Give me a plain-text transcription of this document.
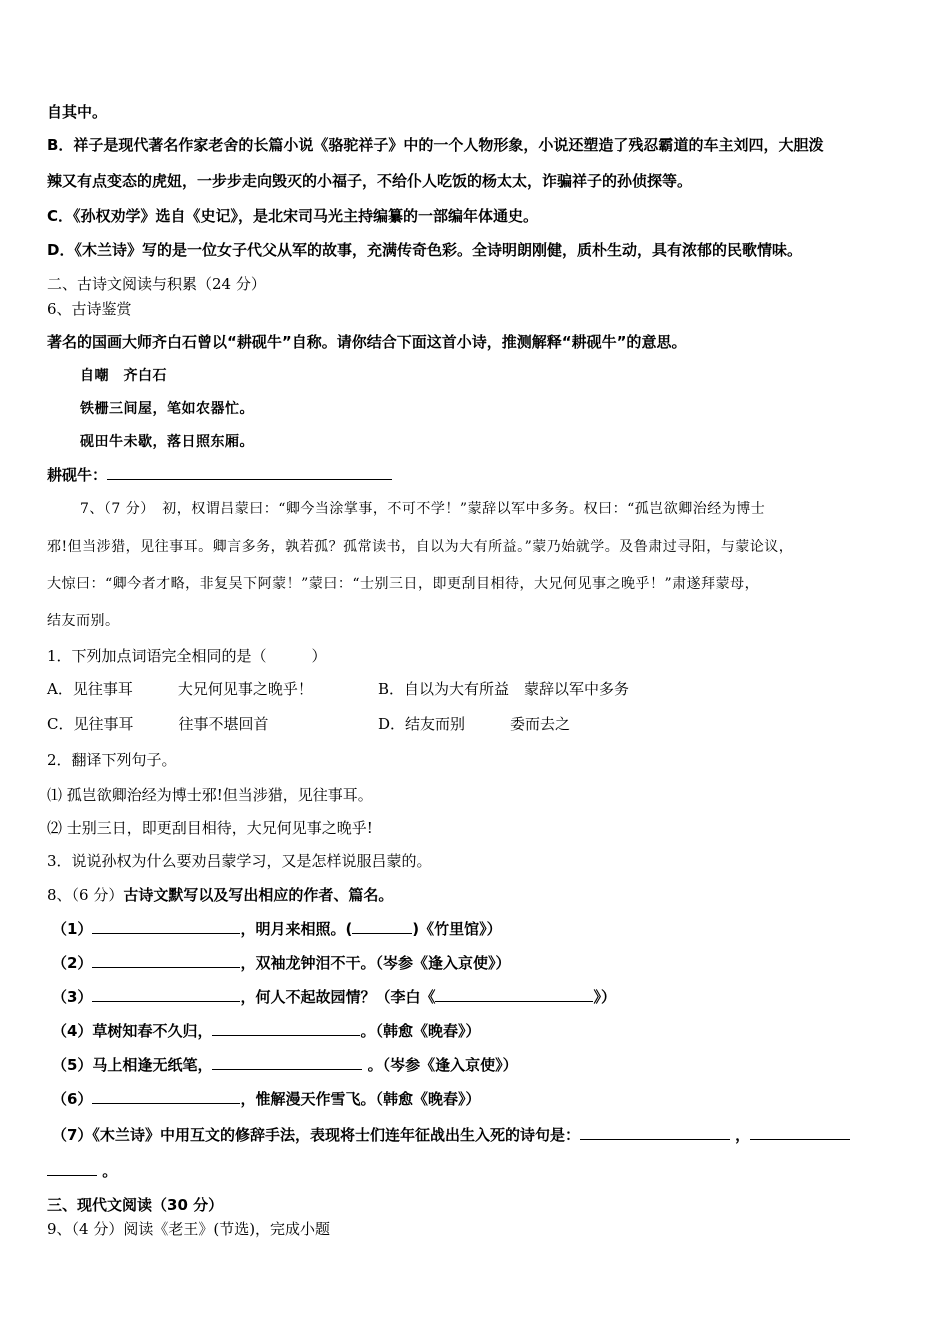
自其中。
B．祥子是现代著名作家老舍的长篇小说《骆驼祥子》中的一个人物形象，小说还塑造了残忍霸道的车主刘四，大胆泼
辣又有点变态的虎妞，一步步走向毁灭的小福子，不给仆人吃饭的杨太太，诈骗祥子的孙侦探等。
C．《孙权劝学》选自《史记》，是北宋司马光主持编纂的一部编年体通史。
D．《木兰诗》写的是一位女子代父从军的故事，充满传奇色彩。全诗明朗刚健，质朴生动，具有浓郁的民歌情味。
二、古诗文阅读与积累（24 分）
6、古诗鉴赏
著名的国画大师齐白石曾以“耕砚牛”自称。请你结合下面这首小诗，推测解释“耕砚牛”的意思。
自嘲　齐白石
铁栅三间屋，笔如农器忙。
砚田牛未歇，落日照东厢。
耕砚牛：
7、（7 分）　初，权谓吕蒙曰：“卿今当涂掌事，不可不学！”蒙辞以军中多务。权曰：“孤岂欲卿治经为博士
邪!但当涉猎，见往事耳。卿言多务，孰若孤？孤常读书，自以为大有所益。”蒙乃始就学。及鲁肃过寻阳，与蒙论议，
大惊曰：“卿今者才略，非复吴下阿蒙！”蒙曰：“士别三日，即更刮目相待，大兄何见事之晚乎！”肃遂拜蒙母，
结友而别。
1．下列加点词语完全相同的是（　　　）
A．见往事耳　　　大兄何见事之晚乎！	B．自以为大有所益　蒙辞以军中多务
C．见往事耳　　　往事不堪回首	D．结友而别　　　委而去之
2．翻译下列句子。
⑴ 孤岂欲卿治经为博士邪!但当涉猎，见往事耳。
⑵ 士别三日，即更刮目相待，大兄何见事之晚乎!
3．说说孙权为什么要劝吕蒙学习，又是怎样说服吕蒙的。
8、（6 分）古诗文默写以及写出相应的作者、篇名。
（1）	，明月来相照。(	)《竹里馆》）
（2）	，双袖龙钟泪不干。（岑参《逢入京使》）
（3）	，何人不起故园情？（李白《	》）
（4）草树知春不久归，	。（韩愈《晚春》）
（5）马上相逢无纸笔，	。（岑参《逢入京使》）
（6）	，惟解漫天作雪飞。（韩愈《晚春》）
（7）《木兰诗》中用互文的修辞手法，表现将士们连年征战出生入死的诗句是：	，
。
三、现代文阅读（30 分）
9、（4 分）阅读《老王》(节选)，完成小题
